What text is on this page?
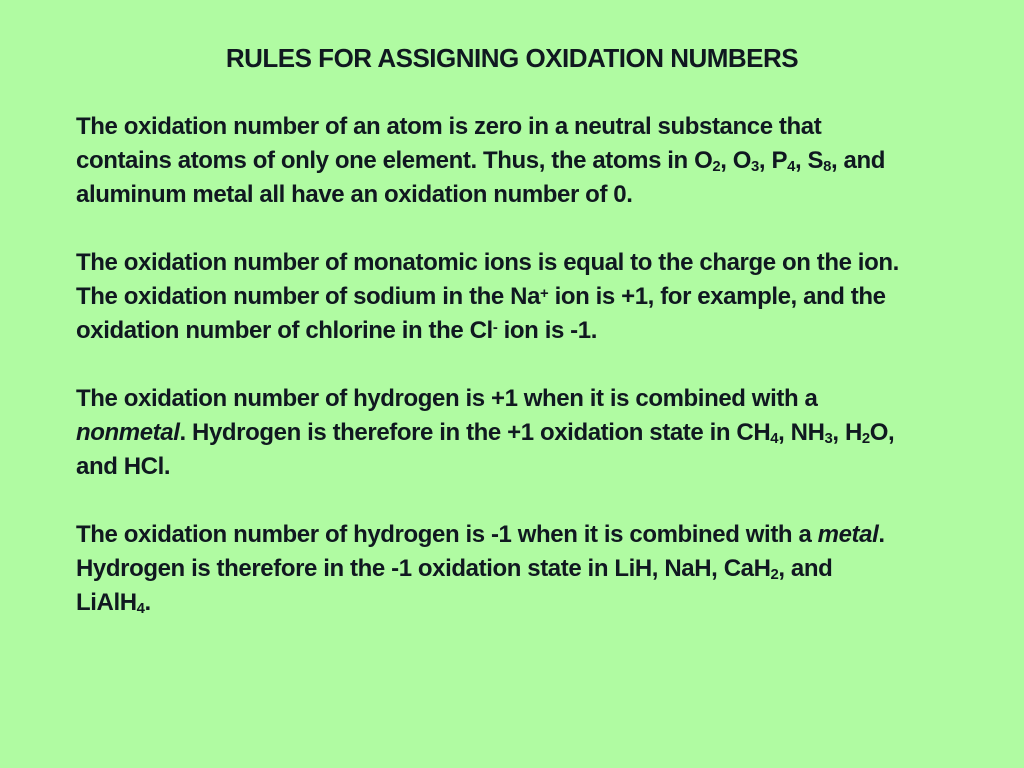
RULES FOR ASSIGNING OXIDATION NUMBERS

The oxidation number of an atom is zero in a neutral substance that
contains atoms of only one element. Thus, the atoms in $O_2$, $O_3$, $P_4$, $S_8$, and
aluminum metal all have an oxidation number of 0.

The oxidation number of monatomic ions is equal to the charge on the ion.
The oxidation number of sodium in the Na+ ion is +1, for example, and the
oxidation number of chlorine in the Cl- ion is -1.

The oxidation number of hydrogen is +1 when it is combined with a
nonmetal. Hydrogen is therefore in the +1 oxidation state in $CH_4$, $NH_3$, $H_2O$,
and HCl.

The oxidation number of hydrogen is -1 when it is combined with a metal.
Hydrogen is therefore in the -1 oxidation state in LiH, NaH, CaH$_2$, and
LiAlH$_4$.
